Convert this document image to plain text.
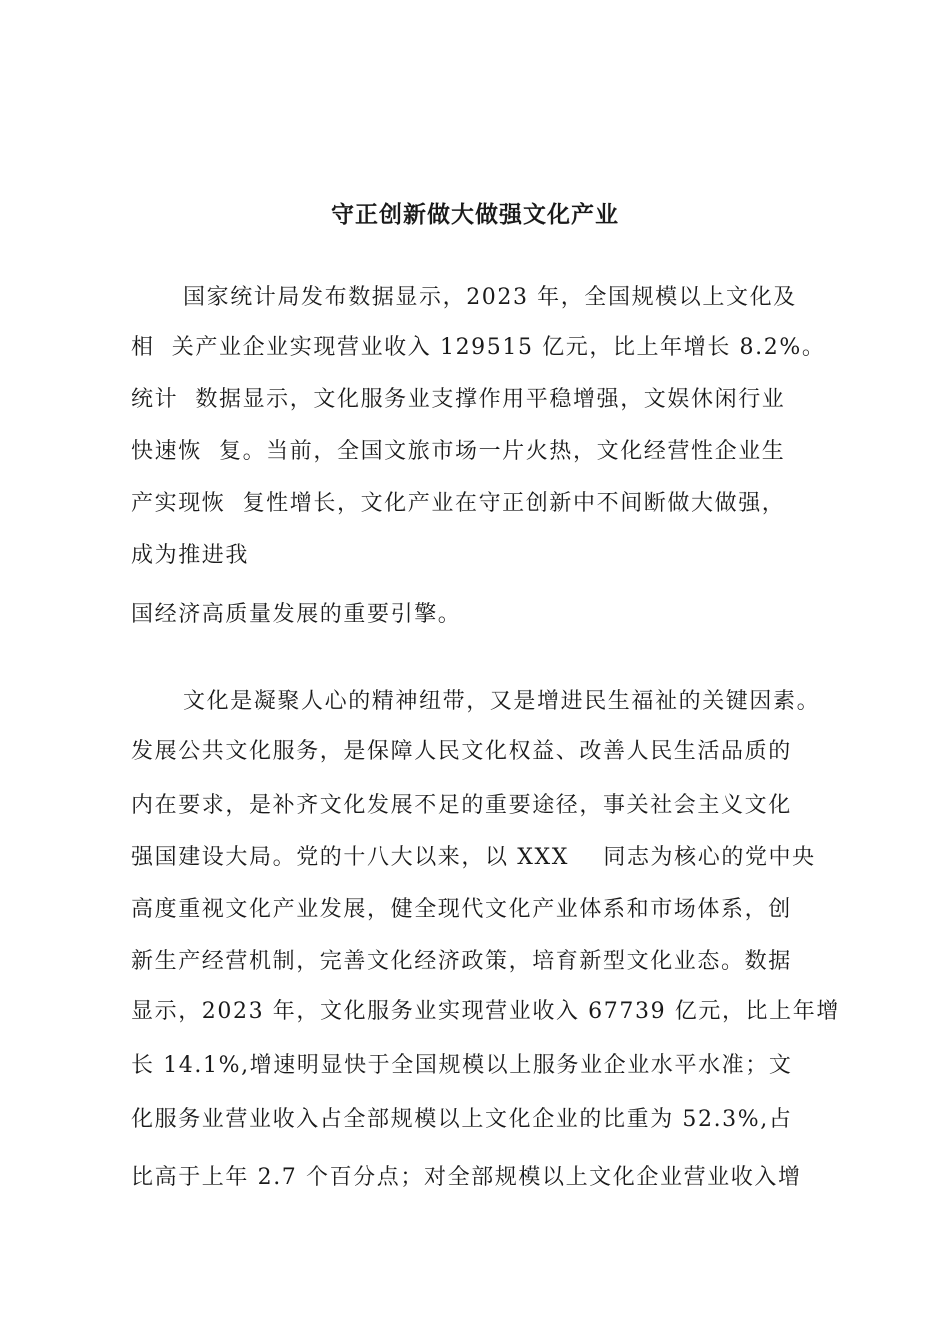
守正创新做大做强文化产业

国家统计局发布数据显示，2023 年，全国规模以上文化及

相  关产业企业实现营业收入 129515 亿元，比上年增长 8.2%。

统计  数据显示，文化服务业支撑作用平稳增强，文娱休闲行业

快速恢  复。当前，全国文旅市场一片火热，文化经营性企业生

产实现恢  复性增长，文化产业在守正创新中不间断做大做强，

成为推进我

国经济高质量发展的重要引擎。

文化是凝聚人心的精神纽带，又是增进民生福祉的关键因素。

发展公共文化服务，是保障人民文化权益、改善人民生活品质的

内在要求，是补齐文化发展不足的重要途径，事关社会主义文化

强国建设大局。党的十八大以来，以 XXX    同志为核心的党中央

高度重视文化产业发展，健全现代文化产业体系和市场体系，创

新生产经营机制，完善文化经济政策，培育新型文化业态。数据

显示，2023 年，文化服务业实现营业收入 67739 亿元，比上年增

长 14.1%,增速明显快于全国规模以上服务业企业水平水准；文

化服务业营业收入占全部规模以上文化企业的比重为 52.3%,占

比高于上年 2.7 个百分点；对全部规模以上文化企业营业收入增
